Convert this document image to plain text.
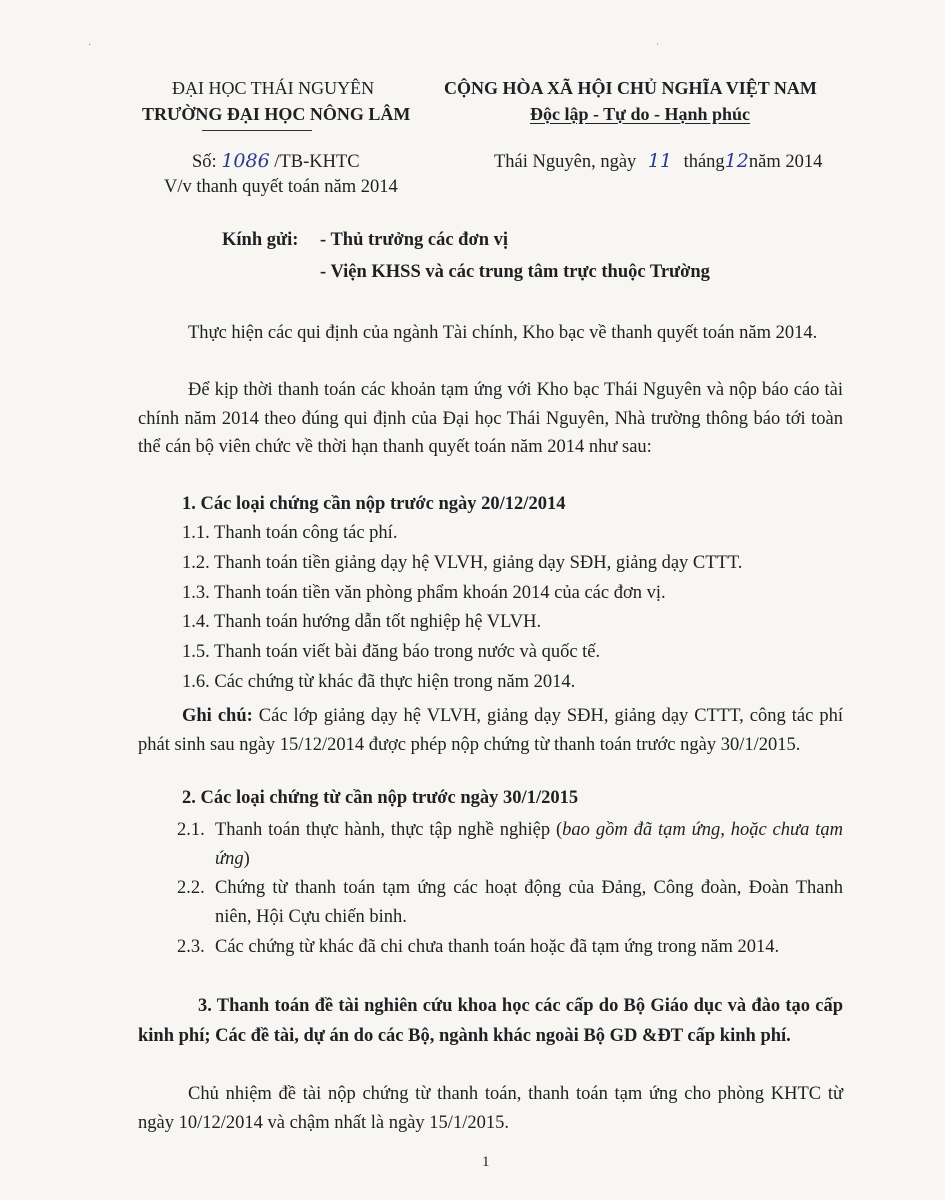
ĐẠI HỌC THÁI NGUYÊN
TRƯỜNG ĐẠI HỌC NÔNG LÂM
CỘNG HÒA XÃ HỘI CHỦ NGHĨA VIỆT NAM
Độc lập - Tự do - Hạnh phúc
Số: 1086 /TB-KHTC
V/v thanh quyết toán năm 2014
Thái Nguyên, ngày 11 tháng12năm 2014
Kính gửi: - Thủ trưởng các đơn vị
- Viện KHSS và các trung tâm trực thuộc Trường
Thực hiện các qui định của ngành Tài chính, Kho bạc về thanh quyết toán năm 2014.
Để kịp thời thanh toán các khoản tạm ứng với Kho bạc Thái Nguyên và nộp báo cáo tài chính năm 2014 theo đúng qui định của Đại học Thái Nguyên, Nhà trường thông báo tới toàn thể cán bộ viên chức về thời hạn thanh quyết toán năm 2014 như sau:
1. Các loại chứng cần nộp trước ngày 20/12/2014
1.1. Thanh toán công tác phí.
1.2. Thanh toán tiền giảng dạy hệ VLVH, giảng dạy SĐH, giảng dạy CTTT.
1.3. Thanh toán tiền văn phòng phẩm khoán 2014 của các đơn vị.
1.4. Thanh toán hướng dẫn tốt nghiệp hệ VLVH.
1.5. Thanh toán viết bài đăng báo trong nước và quốc tế.
1.6. Các chứng từ khác đã thực hiện trong năm 2014.
Ghi chú: Các lớp giảng dạy hệ VLVH, giảng dạy SĐH, giảng dạy CTTT, công tác phí phát sinh sau ngày 15/12/2014 được phép nộp chứng từ thanh toán trước ngày 30/1/2015.
2. Các loại chứng từ cần nộp trước ngày 30/1/2015
2.1. Thanh toán thực hành, thực tập nghề nghiệp (bao gồm đã tạm ứng, hoặc chưa tạm ứng)
2.2. Chứng từ thanh toán tạm ứng các hoạt động của Đảng, Công đoàn, Đoàn Thanh niên, Hội Cựu chiến binh.
2.3. Các chứng từ khác đã chi chưa thanh toán hoặc đã tạm ứng trong năm 2014.
3. Thanh toán đề tài nghiên cứu khoa học các cấp do Bộ Giáo dục và đào tạo cấp kinh phí; Các đề tài, dự án do các Bộ, ngành khác ngoài Bộ GD &ĐT cấp kinh phí.
Chủ nhiệm đề tài nộp chứng từ thanh toán, thanh toán tạm ứng cho phòng KHTC từ ngày 10/12/2014 và chậm nhất là ngày 15/1/2015.
1
·	ˈ
